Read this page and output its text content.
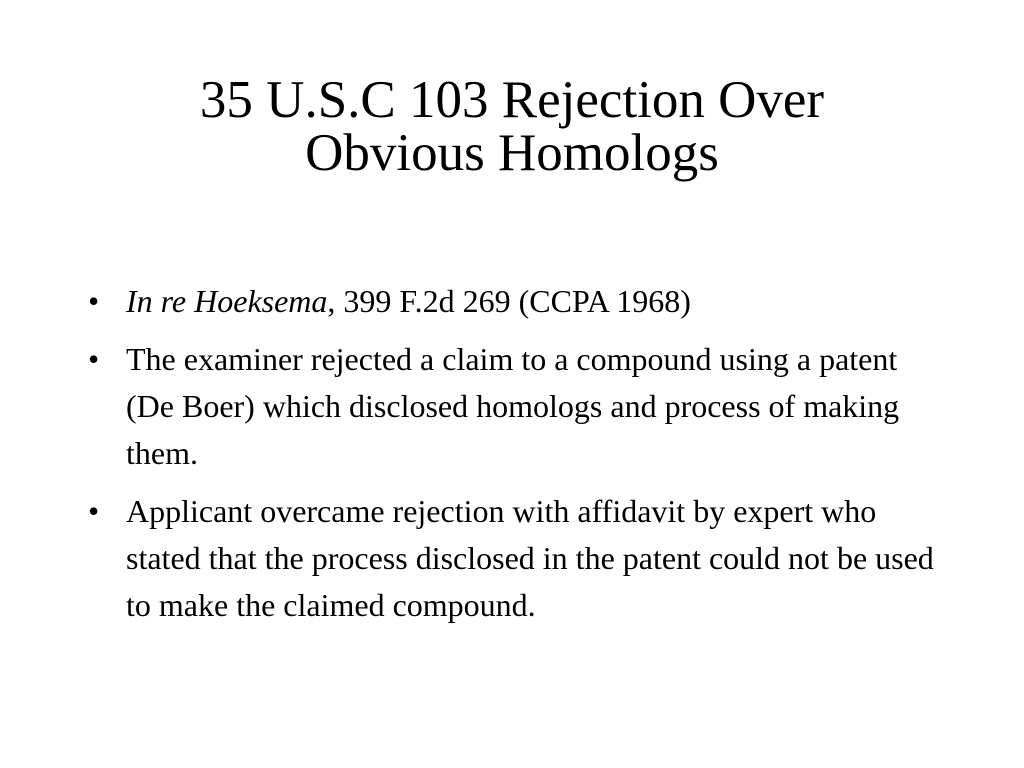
35 U.S.C 103 Rejection Over
Obvious Homologs
• In re Hoeksema, 399 F.2d 269 (CCPA 1968)
• The examiner rejected a claim to a compound using a patent (De Boer) which disclosed homologs and process of making them.
• Applicant overcame rejection with affidavit by expert who stated that the process disclosed in the patent could not be used to make the claimed compound.
